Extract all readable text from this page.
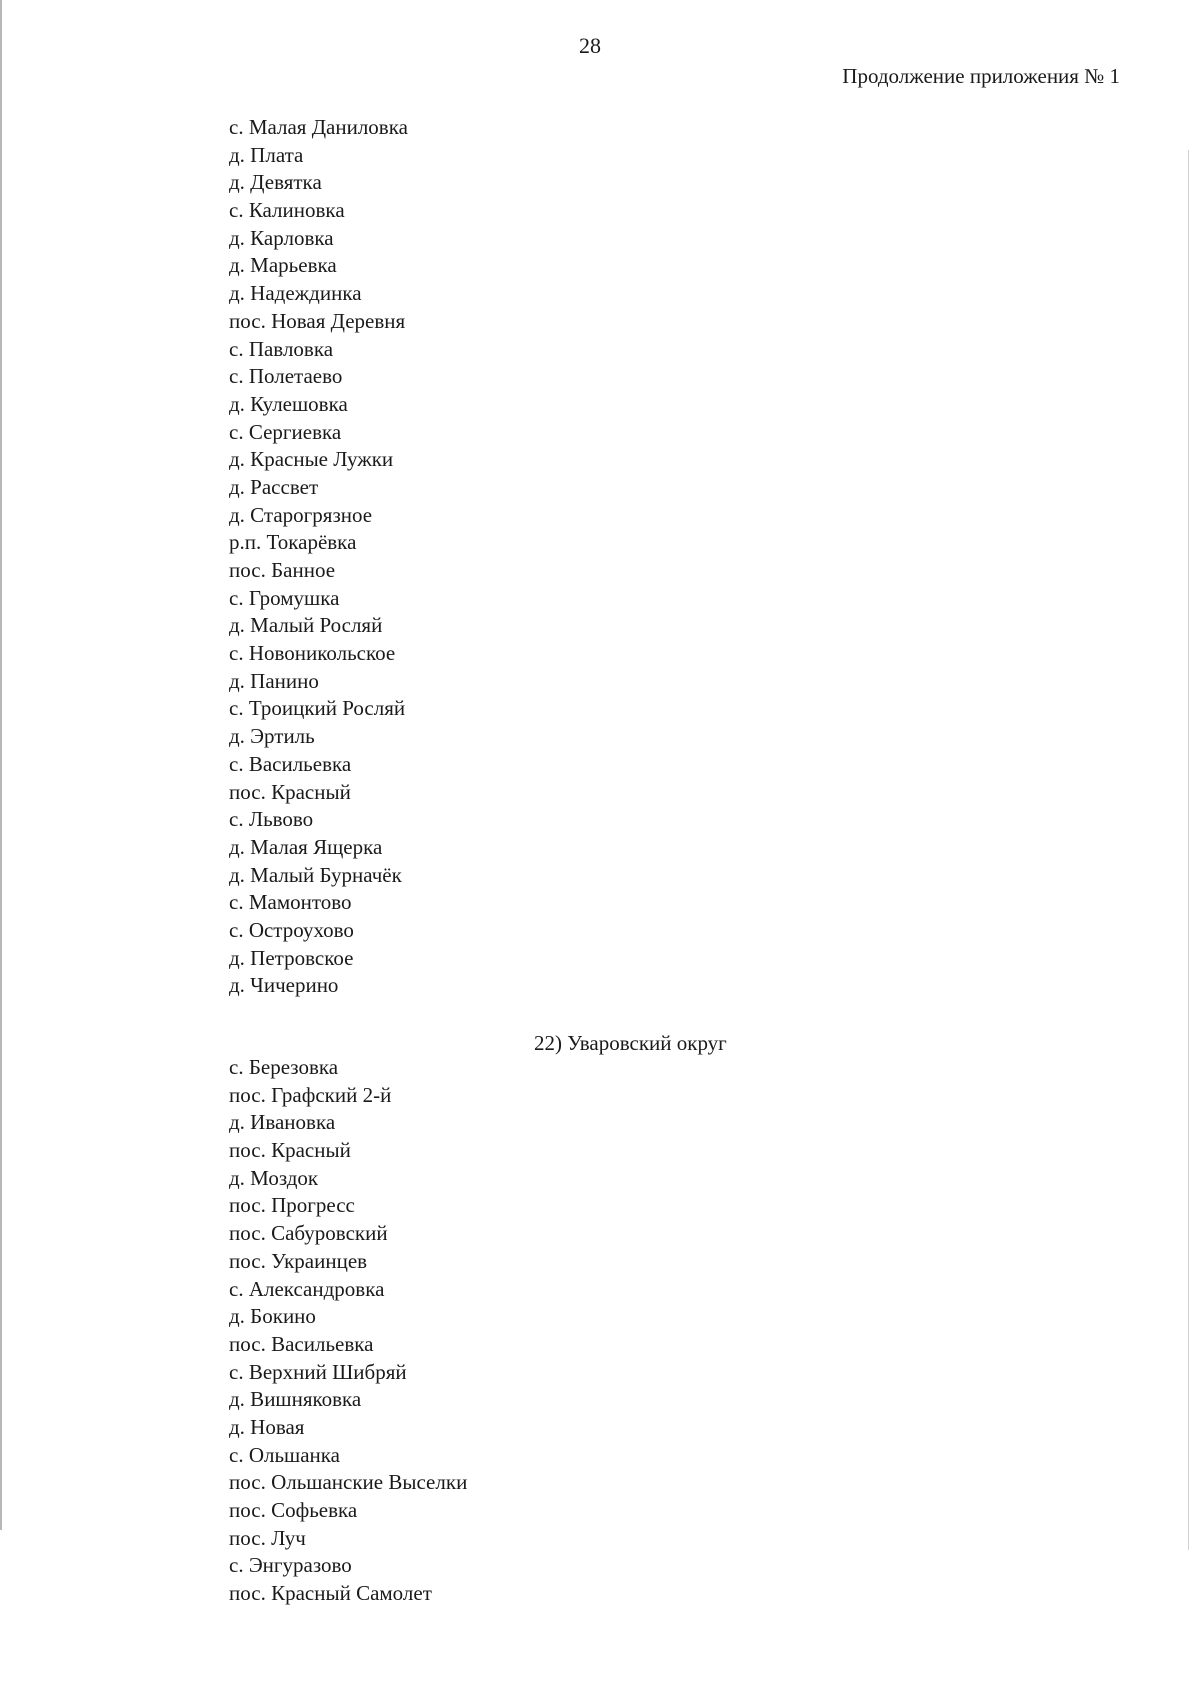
28
Продолжение приложения № 1
с. Малая Даниловка
д. Плата
д. Девятка
с. Калиновка
д. Карловка
д. Марьевка
д. Надеждинка
пос. Новая Деревня
с. Павловка
с. Полетаево
д. Кулешовка
с. Сергиевка
д. Красные Лужки
д. Рассвет
д. Старогрязное
р.п. Токарёвка
пос. Банное
с. Громушка
д. Малый Росляй
с. Новоникольское
д. Панино
с. Троицкий Росляй
д. Эртиль
с. Васильевка
пос. Красный
с. Львово
д. Малая Ящерка
д. Малый Бурначёк
с. Мамонтово
с. Остроухово
д. Петровское
д. Чичерино
22) Уваровский округ
с. Березовка
пос. Графский 2-й
д. Ивановка
пос. Красный
д. Моздок
пос. Прогресс
пос. Сабуровский
пос. Украинцев
с. Александровка
д. Бокино
пос. Васильевка
с. Верхний Шибряй
д. Вишняковка
д. Новая
с. Ольшанка
пос. Ольшанские Выселки
пос. Софьевка
пос. Луч
с. Энгуразово
пос. Красный Самолет
